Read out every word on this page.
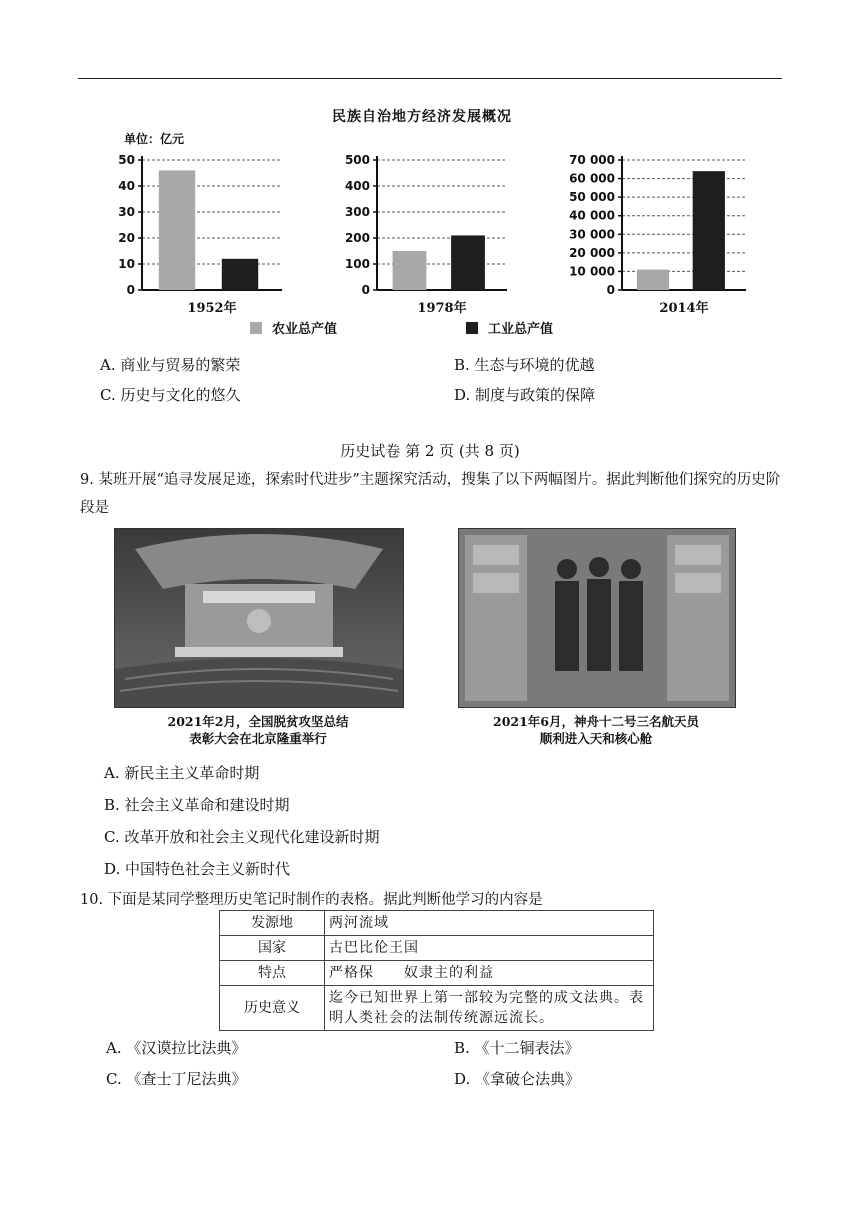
民族自治地方经济发展概况
单位：亿元
0
10
20
30
40
50
1952年
0
100
200
300
400
500
1978年
0
10 000
20 000
30 000
40 000
50 000
60 000
70 000
2014年
农业总产值	工业总产值
A. 商业与贸易的繁荣	B. 生态与环境的优越
C. 历史与文化的悠久	D. 制度与政策的保障
历史试卷 第 2 页 (共 8 页)
9. 某班开展“追寻发展足迹，探索时代进步”主题探究活动，搜集了以下两幅图片。据此判断他们探究的历史阶段是
2021年2月，全国脱贫攻坚总结
表彰大会在北京隆重举行
2021年6月，神舟十二号三名航天员
顺利进入天和核心舱
A. 新民主主义革命时期
B. 社会主义革命和建设时期
C. 改革开放和社会主义现代化建设新时期
D. 中国特色社会主义新时代
10. 下面是某同学整理历史笔记时制作的表格。据此判断他学习的内容是
发源地	两河流域
国家	古巴比伦王国
特点	严格保　　奴隶主的利益
历史意义	迄今已知世界上第一部较为完整的成文法典。表明人类社会的法制传统源远流长。
A. 《汉谟拉比法典》	B. 《十二铜表法》
C. 《查士丁尼法典》	D. 《拿破仑法典》
